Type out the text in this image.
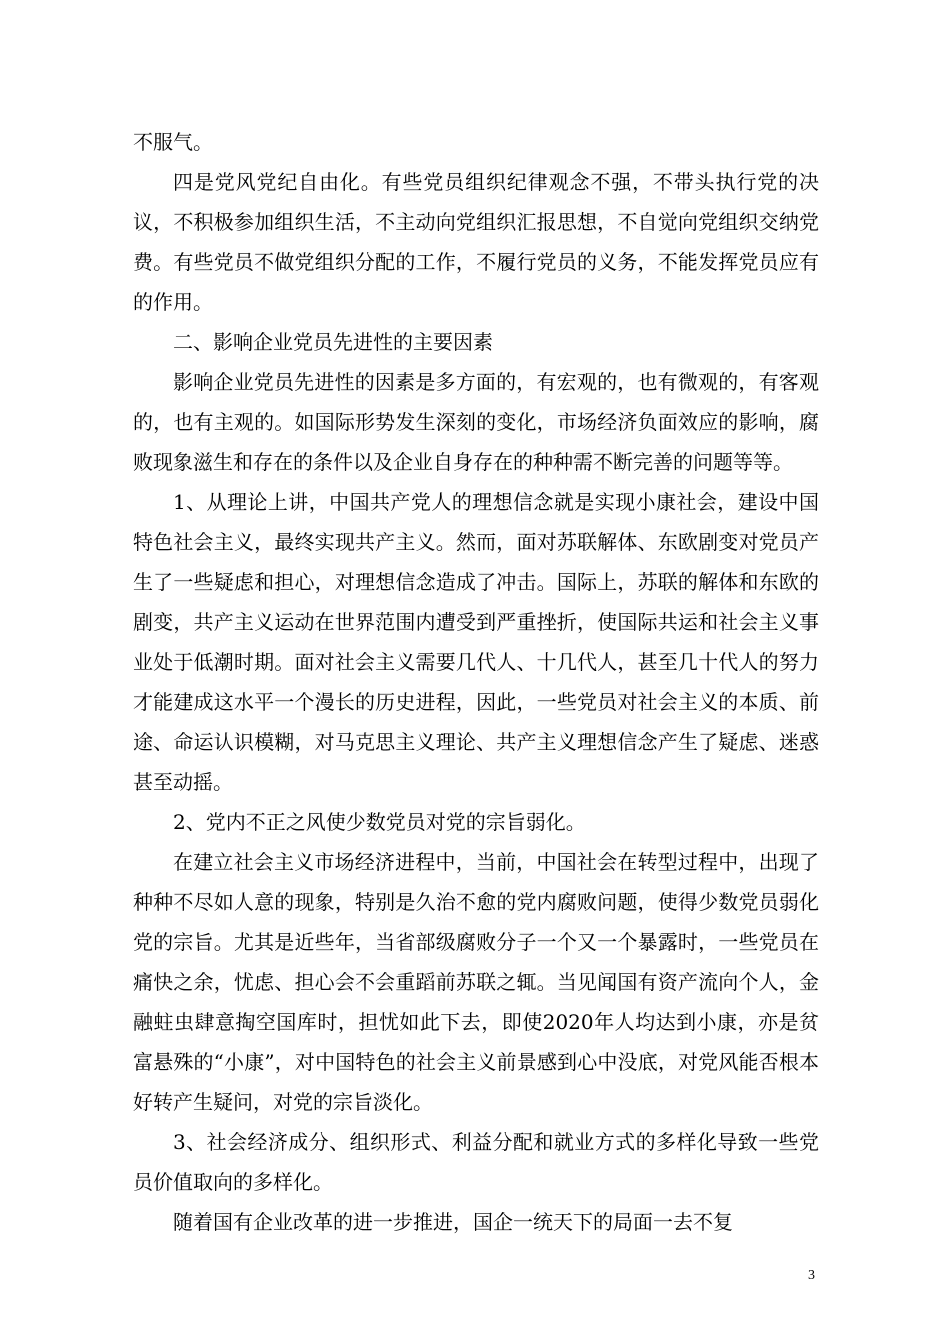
不服气。

四是党风党纪自由化。有些党员组织纪律观念不强，不带头执行党的决议，不积极参加组织生活，不主动向党组织汇报思想，不自觉向党组织交纳党费。有些党员不做党组织分配的工作，不履行党员的义务，不能发挥党员应有的作用。

二、影响企业党员先进性的主要因素

影响企业党员先进性的因素是多方面的，有宏观的，也有微观的，有客观的，也有主观的。如国际形势发生深刻的变化，市场经济负面效应的影响，腐败现象滋生和存在的条件以及企业自身存在的种种需不断完善的问题等等。

1、从理论上讲，中国共产党人的理想信念就是实现小康社会，建设中国特色社会主义，最终实现共产主义。然而，面对苏联解体、东欧剧变对党员产生了一些疑虑和担心，对理想信念造成了冲击。国际上，苏联的解体和东欧的剧变，共产主义运动在世界范围内遭受到严重挫折，使国际共运和社会主义事业处于低潮时期。面对社会主义需要几代人、十几代人，甚至几十代人的努力才能建成这水平一个漫长的历史进程，因此，一些党员对社会主义的本质、前途、命运认识模糊，对马克思主义理论、共产主义理想信念产生了疑虑、迷惑甚至动摇。

2、党内不正之风使少数党员对党的宗旨弱化。

在建立社会主义市场经济进程中，当前，中国社会在转型过程中，出现了种种不尽如人意的现象，特别是久治不愈的党内腐败问题，使得少数党员弱化党的宗旨。尤其是近些年，当省部级腐败分子一个又一个暴露时，一些党员在痛快之余，忧虑、担心会不会重蹈前苏联之辄。当见闻国有资产流向个人，金融蛀虫肆意掏空国库时，担忧如此下去，即使2020年人均达到小康，亦是贫富悬殊的“小康”，对中国特色的社会主义前景感到心中没底，对党风能否根本好转产生疑问，对党的宗旨淡化。

3、社会经济成分、组织形式、利益分配和就业方式的多样化导致一些党员价值取向的多样化。

随着国有企业改革的进一步推进，国企一统天下的局面一去不复

3
